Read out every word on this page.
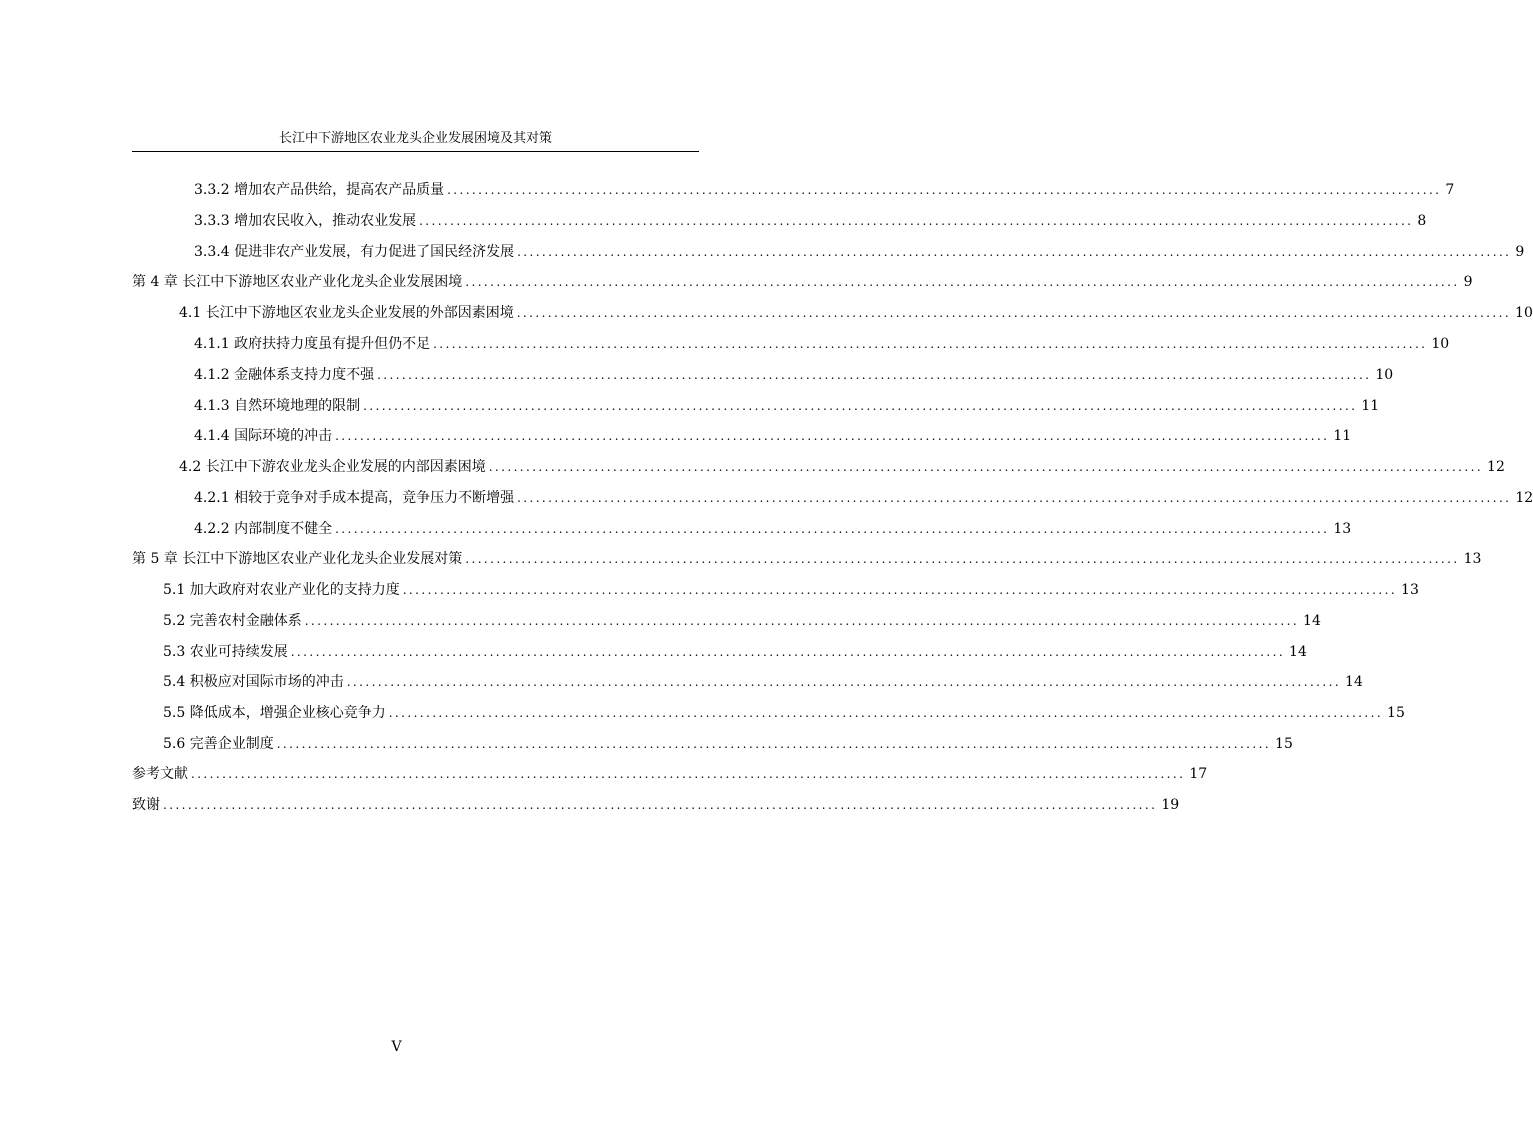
长江中下游地区农业龙头企业发展困境及其对策
3.3.2 增加农产品供给，提高农产品质量 ................................................................................................................................................................ 7
3.3.3 增加农民收入，推动农业发展 ................................................................................................................................................................ 8
3.3.4 促进非农产业发展，有力促进了国民经济发展 ................................................................................................................................................................ 9
第 4 章 长江中下游地区农业产业化龙头企业发展困境 ................................................................................................................................................................ 9
4.1 长江中下游地区农业龙头企业发展的外部因素困境 ................................................................................................................................................................ 10
4.1.1 政府扶持力度虽有提升但仍不足 ................................................................................................................................................................ 10
4.1.2 金融体系支持力度不强 ................................................................................................................................................................ 10
4.1.3 自然环境地理的限制 ................................................................................................................................................................ 11
4.1.4 国际环境的冲击 ................................................................................................................................................................ 11
4.2 长江中下游农业龙头企业发展的内部因素困境 ................................................................................................................................................................ 12
4.2.1 相较于竞争对手成本提高，竞争压力不断增强 ................................................................................................................................................................ 12
4.2.2 内部制度不健全 ................................................................................................................................................................ 13
第 5 章 长江中下游地区农业产业化龙头企业发展对策 ................................................................................................................................................................ 13
5.1 加大政府对农业产业化的支持力度 ................................................................................................................................................................ 13
5.2 完善农村金融体系 ................................................................................................................................................................ 14
5.3 农业可持续发展 ................................................................................................................................................................ 14
5.4 积极应对国际市场的冲击 ................................................................................................................................................................ 14
5.5 降低成本，增强企业核心竞争力 ................................................................................................................................................................ 15
5.6 完善企业制度 ................................................................................................................................................................ 15
参考文献 ................................................................................................................................................................ 17
致谢 ................................................................................................................................................................ 19
V
